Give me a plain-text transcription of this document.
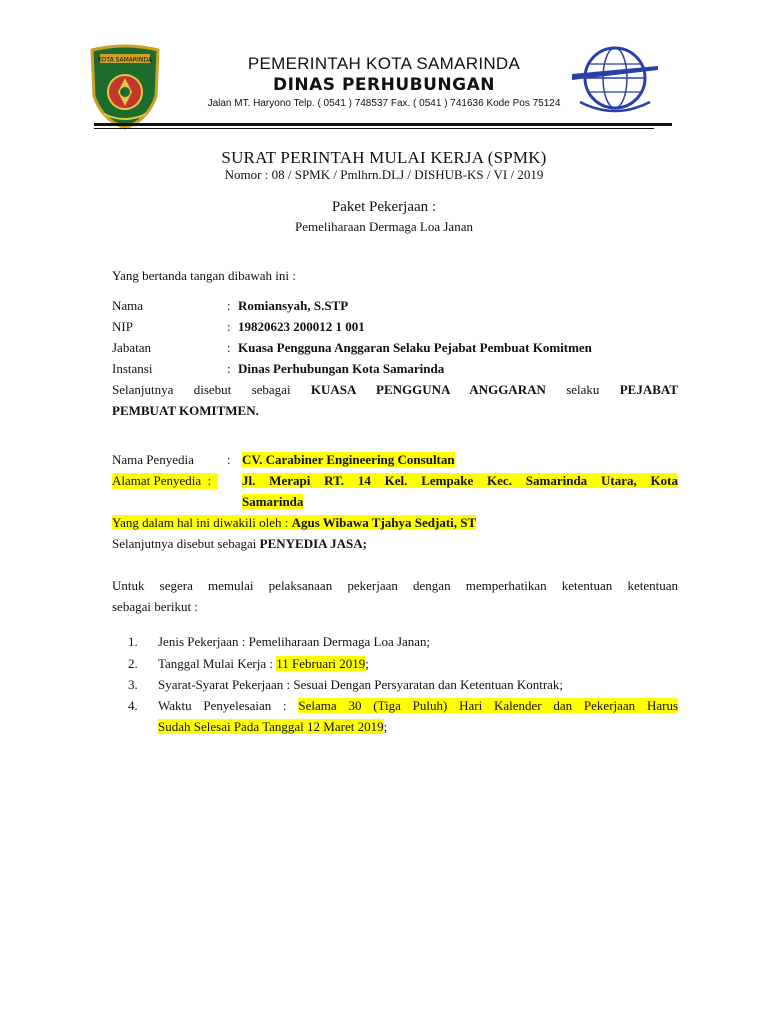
KOTA SAMARINDA	PEMERINTAH KOTA SAMARINDA
DINAS PERHUBUNGAN
Jalan MT. Haryono Telp. ( 0541 ) 748537 Fax. ( 0541 ) 741636 Kode Pos 75124
SURAT PERINTAH MULAI KERJA (SPMK)
Nomor : 08 / SPMK / Pmlhrn.DLJ / DISHUB-KS / VI / 2019
Paket Pekerjaan :
Pemeliharaan Dermaga Loa Janan
Yang bertanda tangan dibawah ini :
Nama	: Romiansyah, S.STP
NIP	: 19820623 200012 1 001
Jabatan	: Kuasa Pengguna Anggaran Selaku Pejabat Pembuat Komitmen
Instansi	: Dinas Perhubungan Kota Samarinda
Selanjutnya disebut sebagai KUASA PENGGUNA ANGGARAN selaku PEJABAT
PEMBUAT KOMITMEN.
Nama Penyedia	: CV. Carabiner Engineering Consultan
Alamat Penyedia  : Jl. Merapi RT. 14 Kel. Lempake Kec. Samarinda Utara, Kota
Samarinda
Yang dalam hal ini diwakili oleh : Agus Wibawa Tjahya Sedjati, ST
Selanjutnya disebut sebagai PENYEDIA JASA;
Untuk segera memulai pelaksanaan pekerjaan dengan memperhatikan ketentuan ketentuan
sebagai berikut :
1. Jenis Pekerjaan : Pemeliharaan Dermaga Loa Janan;
2. Tanggal Mulai Kerja : 11 Februari 2019;
3. Syarat-Syarat Pekerjaan : Sesuai Dengan Persyaratan dan Ketentuan Kontrak;
4. Waktu Penyelesaian : Selama 30 (Tiga Puluh) Hari Kalender dan Pekerjaan Harus
Sudah Selesai Pada Tanggal 12 Maret 2019;
